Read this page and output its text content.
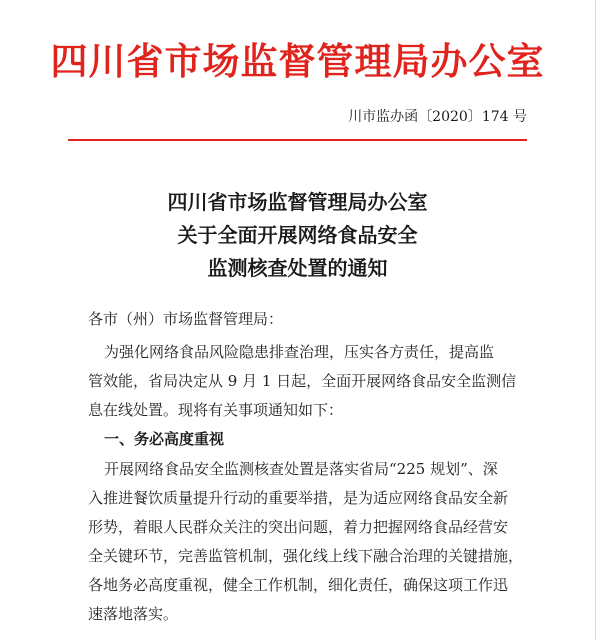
四川省市场监督管理局办公室
川市监办函〔2020〕174 号
四川省市场监督管理局办公室
关于全面开展网络食品安全
监测核查处置的通知
各市（州）市场监督管理局：
为强化网络食品风险隐患排查治理，压实各方责任，提高监
管效能，省局决定从 9 月 1 日起，全面开展网络食品安全监测信
息在线处置。现将有关事项通知如下：
一、务必高度重视
开展网络食品安全监测核查处置是落实省局“225 规划”、深
入推进餐饮质量提升行动的重要举措，是为适应网络食品安全新
形势，着眼人民群众关注的突出问题，着力把握网络食品经营安
全关键环节，完善监管机制，强化线上线下融合治理的关键措施，
各地务必高度重视，健全工作机制，细化责任，确保这项工作迅
速落地落实。
